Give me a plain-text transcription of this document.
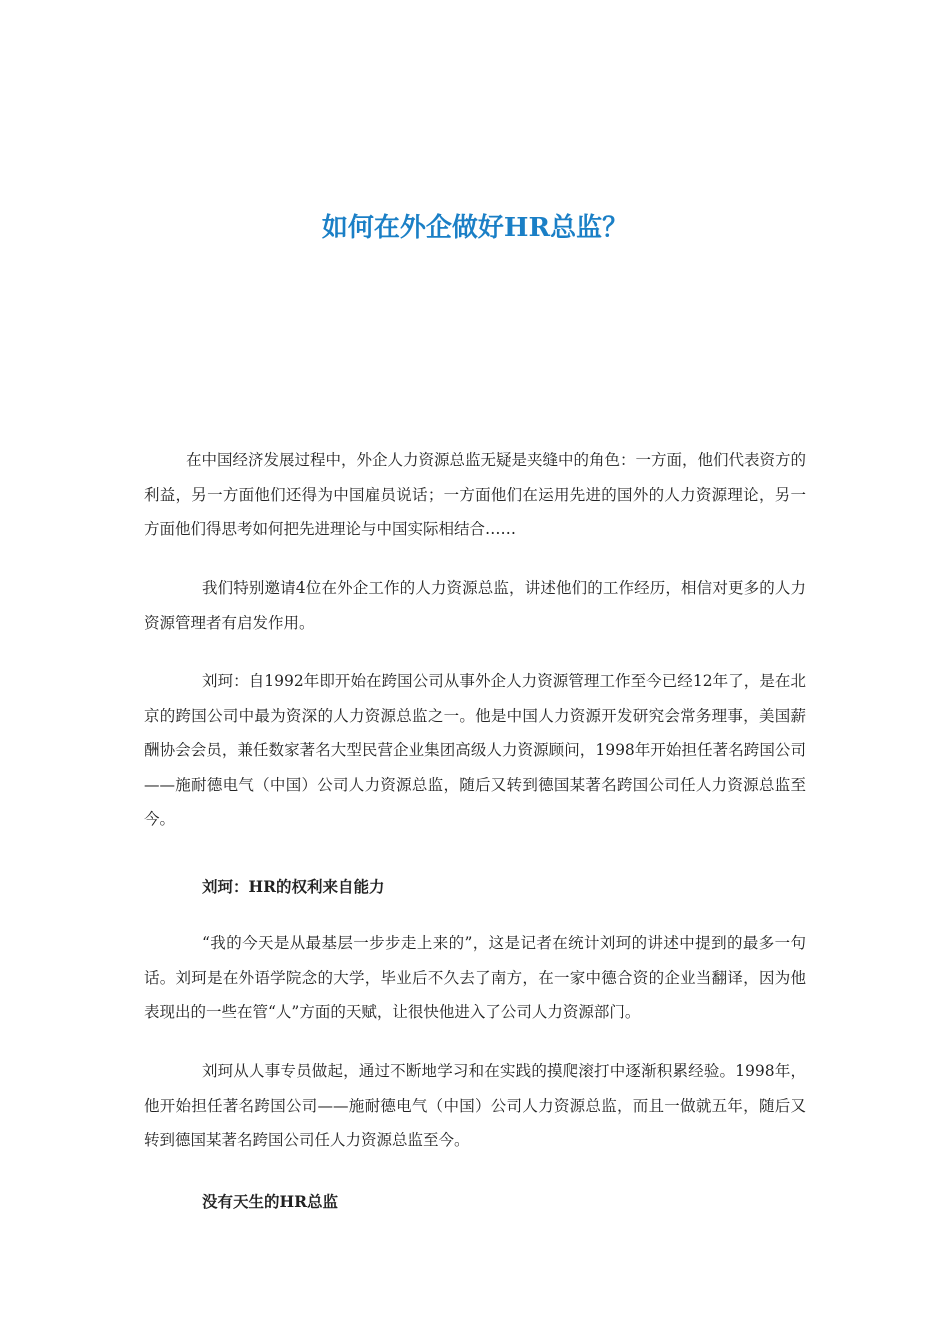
如何在外企做好HR总监？

在中国经济发展过程中，外企人力资源总监无疑是夹缝中的角色：一方面，他们代表资方的利益，另一方面他们还得为中国雇员说话；一方面他们在运用先进的国外的人力资源理论，另一方面他们得思考如何把先进理论与中国实际相结合……

我们特别邀请4位在外企工作的人力资源总监，讲述他们的工作经历，相信对更多的人力资源管理者有启发作用。

刘珂：自1992年即开始在跨国公司从事外企人力资源管理工作至今已经12年了，是在北京的跨国公司中最为资深的人力资源总监之一。他是中国人力资源开发研究会常务理事，美国薪酬协会会员，兼任数家著名大型民营企业集团高级人力资源顾问，1998年开始担任著名跨国公司——施耐德电气（中国）公司人力资源总监，随后又转到德国某著名跨国公司任人力资源总监至今。

刘珂：HR的权利来自能力

“我的今天是从最基层一步步走上来的”，这是记者在统计刘珂的讲述中提到的最多一句话。刘珂是在外语学院念的大学，毕业后不久去了南方，在一家中德合资的企业当翻译，因为他表现出的一些在管“人”方面的天赋，让很快他进入了公司人力资源部门。

刘珂从人事专员做起，通过不断地学习和在实践的摸爬滚打中逐渐积累经验。1998年，他开始担任著名跨国公司——施耐德电气（中国）公司人力资源总监，而且一做就五年，随后又转到德国某著名跨国公司任人力资源总监至今。

没有天生的HR总监
